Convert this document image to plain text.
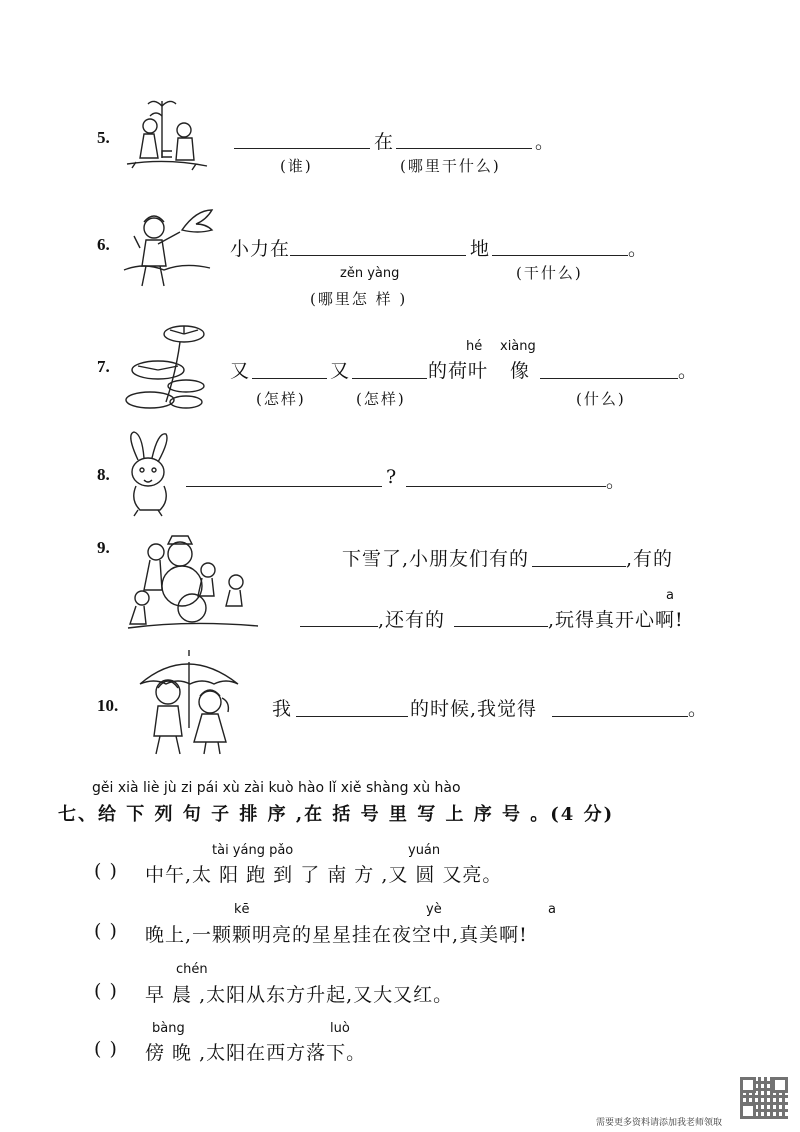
5.	在	。
(谁)	(哪里干什么)
6.	小力在	地	。
zěn yàng	(干什么)
(哪里怎 样 )
7.	又	又	的荷叶 像
hé xiàng
。
(怎样)	(怎样)	(什么)
8.	?	。
9.
下雪了,小朋友们有的	,有的
,还有的	,玩得真开心啊!
a
10.	我	的时候,我觉得	。
gěi xià liè jù zi pái xù zài kuò hào lǐ xiě shàng xù hào
七、给 下 列 句 子 排 序 ,在 括 号 里 写 上 序 号 。(4 分)
tài yáng pǎo	yuán
( ) 中午,太 阳 跑 到 了 南 方 ,又 圆 又亮。
kē	yè	a
( ) 晚上,一颗颗明亮的星星挂在夜空中,真美啊!
chén
( ) 早 晨 ,太阳从东方升起,又大又红。
bàng	luò
( ) 傍 晚 ,太阳在西方落下。
需要更多资料请添加我老师领取
